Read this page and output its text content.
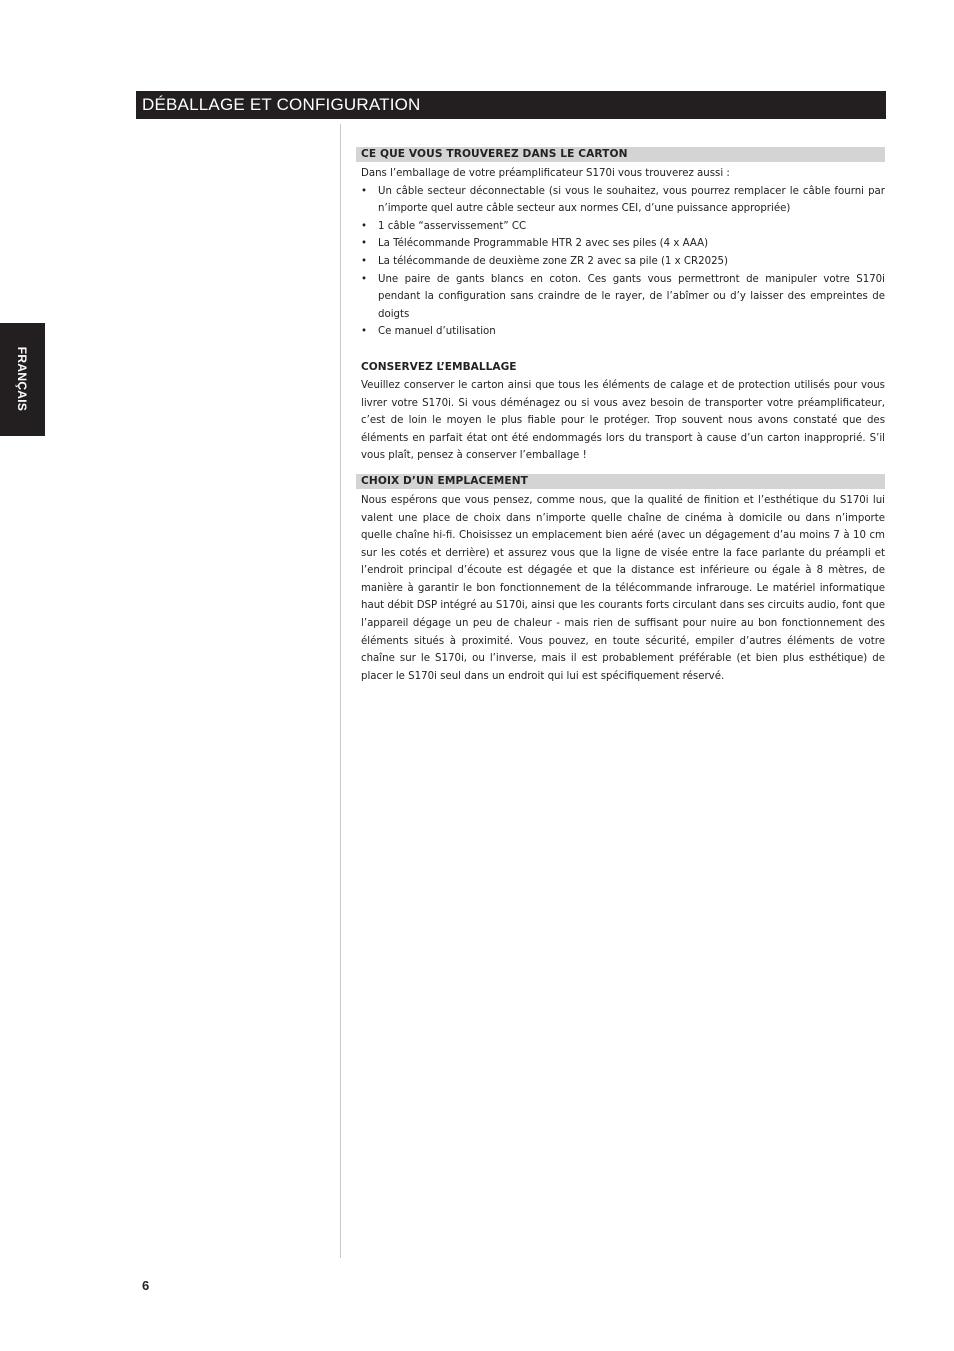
DÉBALLAGE ET CONFIGURATION
FRANÇAIS
CE QUE VOUS TROUVEREZ DANS LE CARTON

Dans l’emballage de votre préamplificateur S170i vous trouverez aussi :

• Un câble secteur déconnectable (si vous le souhaitez, vous pourrez remplacer le câble fourni par n’importe quel autre câble secteur aux normes CEI, d’une puissance appropriée)
• 1 câble “asservissement” CC
• La Télécommande Programmable HTR 2 avec ses piles (4 x AAA)
• La télécommande de deuxième zone ZR 2 avec sa pile (1 x CR2025)
• Une paire de gants blancs en coton. Ces gants vous permettront de manipuler votre S170i pendant la configuration sans craindre de le rayer, de l’abîmer ou d’y laisser des empreintes de doigts
• Ce manuel d’utilisation
CONSERVEZ L’EMBALLAGE

Veuillez conserver le carton ainsi que tous les éléments de calage et de protection utilisés pour vous livrer votre S170i. Si vous déménagez ou si vous avez besoin de transporter votre préamplificateur, c’est de loin le moyen le plus fiable pour le protéger. Trop souvent nous avons constaté que des éléments en parfait état ont été endommagés lors du transport à cause d’un carton inapproprié. S’il vous plaît, pensez à conserver l’emballage !

CHOIX D’UN EMPLACEMENT

Nous espérons que vous pensez, comme nous, que la qualité de finition et l’esthétique du S170i lui valent une place de choix dans n’importe quelle chaîne de cinéma à domicile ou dans n’importe quelle chaîne hi-fi. Choisissez un emplacement bien aéré (avec un dégagement d’au moins 7 à 10 cm sur les cotés et derrière) et assurez vous que la ligne de visée entre la face parlante du préampli et l’endroit principal d’écoute est dégagée et que la distance est inférieure ou égale à 8 mètres, de manière à garantir le bon fonctionnement de la télécommande infrarouge. Le matériel informatique haut débit DSP intégré au S170i, ainsi que les courants forts circulant dans ses circuits audio, font que l’appareil dégage un peu de chaleur - mais rien de suffisant pour nuire au bon fonctionnement des éléments situés à proximité. Vous pouvez, en toute sécurité, empiler d’autres éléments de votre chaîne sur le S170i, ou l’inverse, mais il est probablement préférable (et bien plus esthétique) de placer le S170i seul dans un endroit qui lui est spécifiquement réservé.

6
